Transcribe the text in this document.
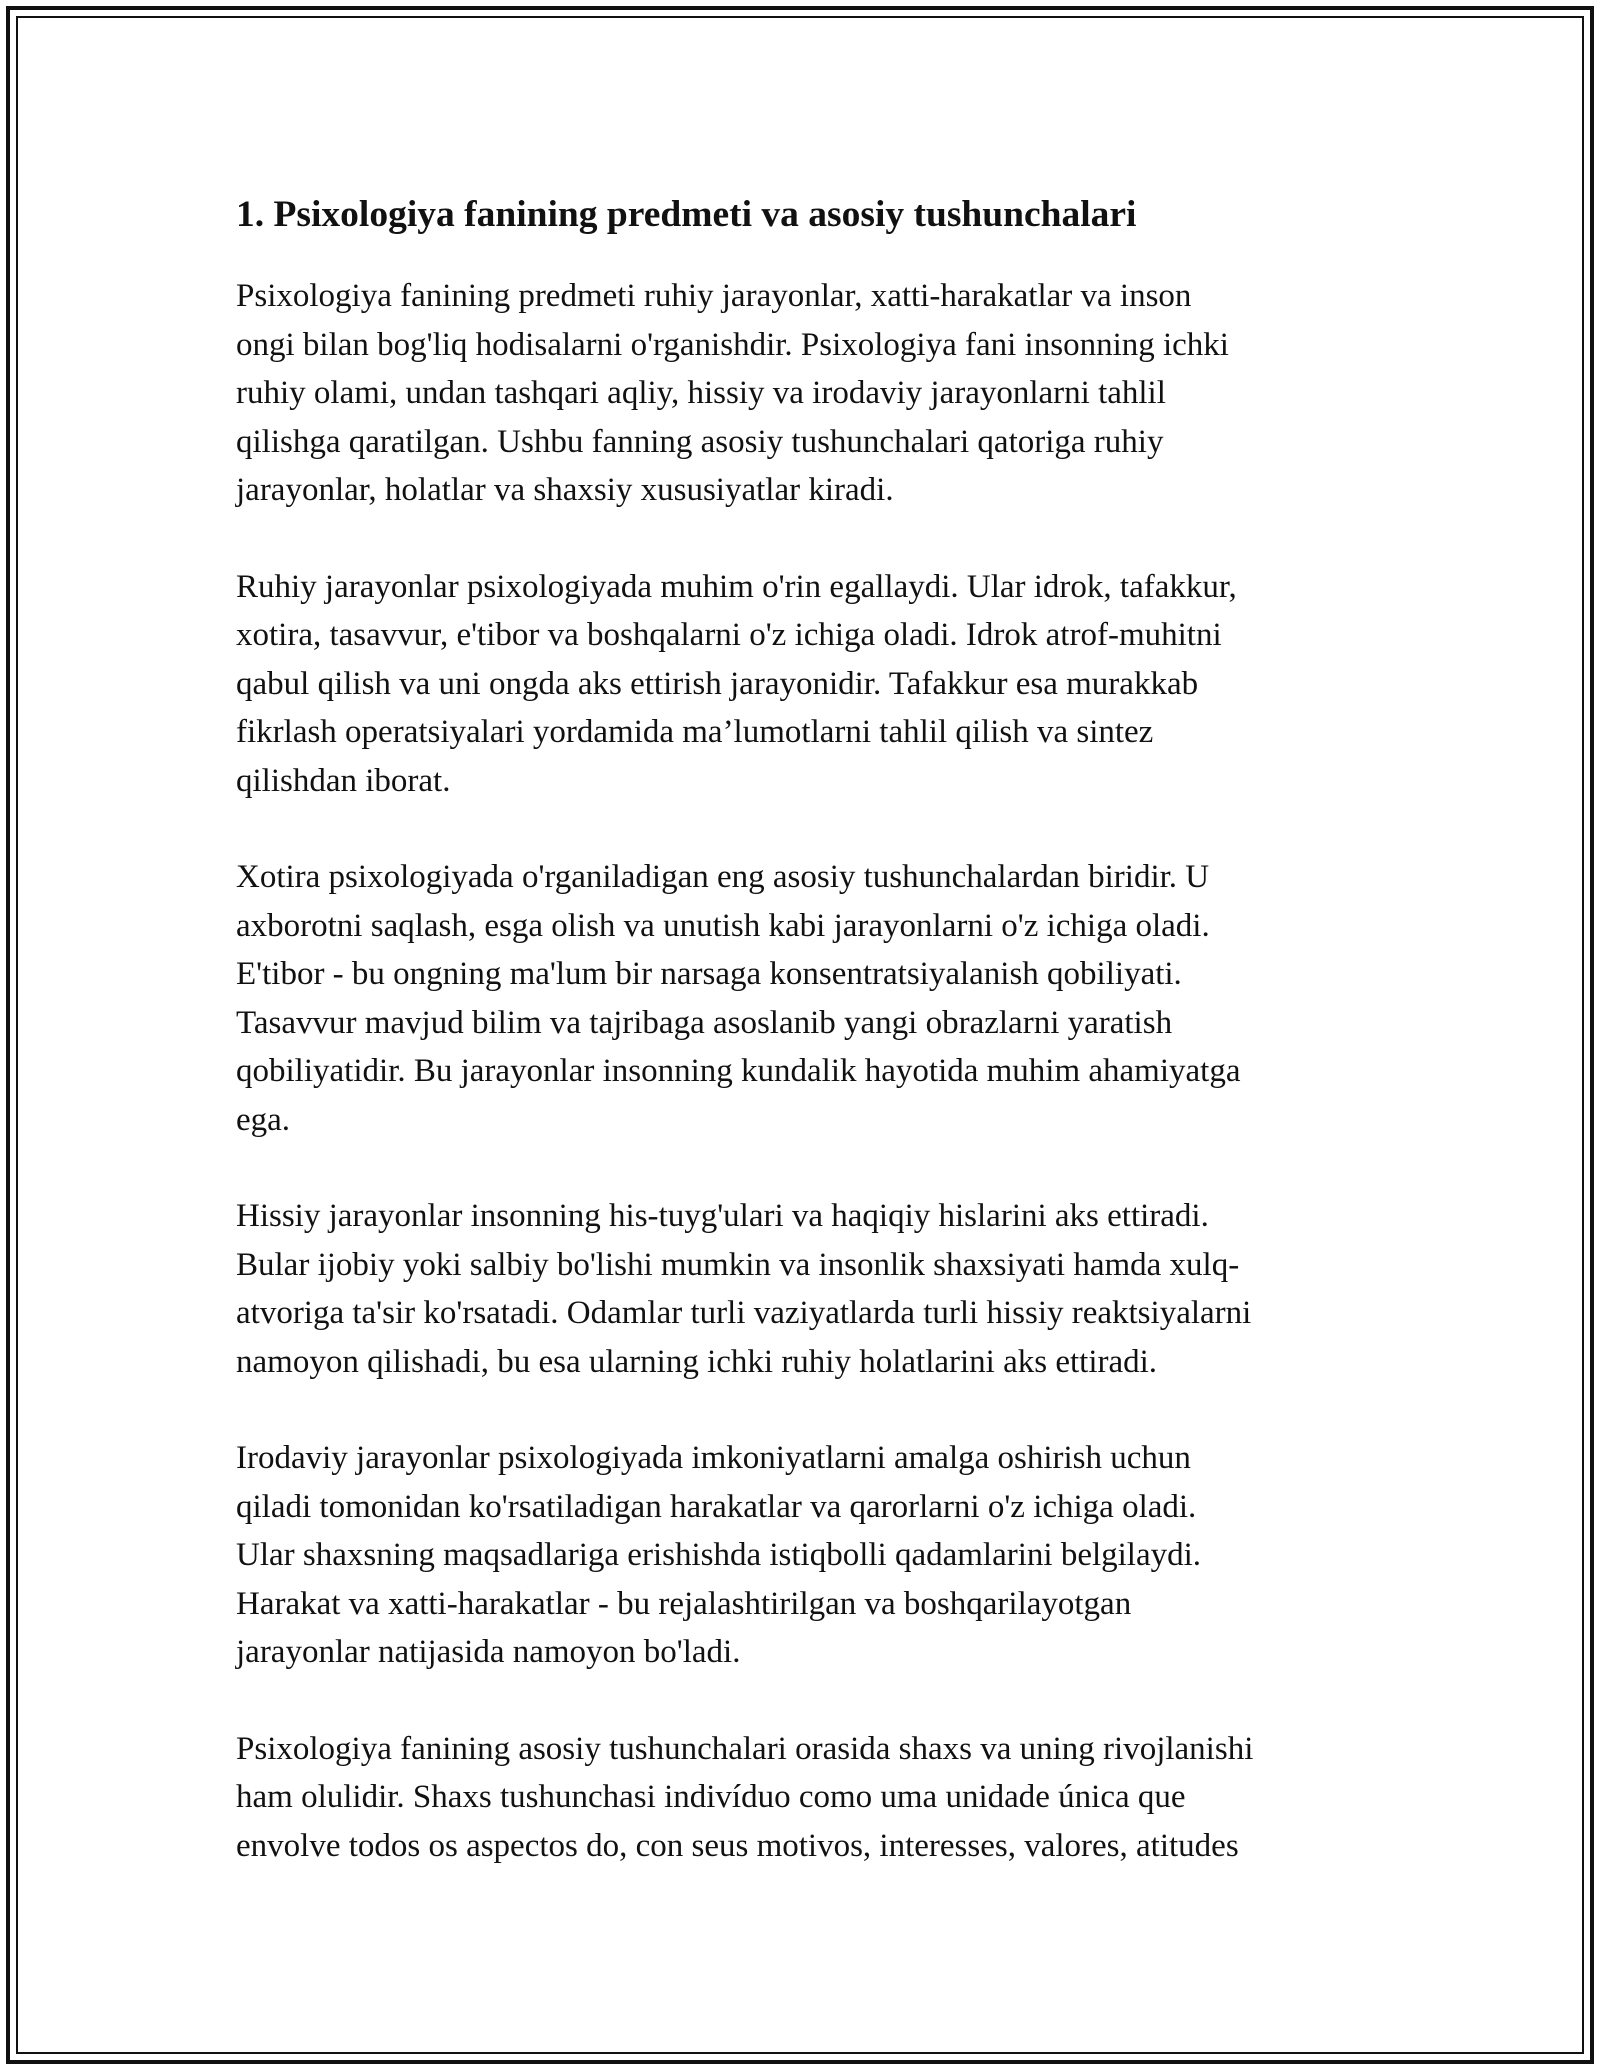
1. Psixologiya fanining predmeti va asosiy tushunchalari

Psixologiya fanining predmeti ruhiy jarayonlar, xatti-harakatlar va inson
ongi bilan bog'liq hodisalarni o'rganishdir. Psixologiya fani insonning ichki
ruhiy olami, undan tashqari aqliy, hissiy va irodaviy jarayonlarni tahlil
qilishga qaratilgan. Ushbu fanning asosiy tushunchalari qatoriga ruhiy
jarayonlar, holatlar va shaxsiy xususiyatlar kiradi.

Ruhiy jarayonlar psixologiyada muhim o'rin egallaydi. Ular idrok, tafakkur,
xotira, tasavvur, e'tibor va boshqalarni o'z ichiga oladi. Idrok atrof-muhitni
qabul qilish va uni ongda aks ettirish jarayonidir. Tafakkur esa murakkab
fikrlash operatsiyalari yordamida ma’lumotlarni tahlil qilish va sintez
qilishdan iborat.

Xotira psixologiyada o'rganiladigan eng asosiy tushunchalardan biridir. U
axborotni saqlash, esga olish va unutish kabi jarayonlarni o'z ichiga oladi.
E'tibor - bu ongning ma'lum bir narsaga konsentratsiyalanish qobiliyati.
Tasavvur mavjud bilim va tajribaga asoslanib yangi obrazlarni yaratish
qobiliyatidir. Bu jarayonlar insonning kundalik hayotida muhim ahamiyatga
ega.

Hissiy jarayonlar insonning his-tuyg'ulari va haqiqiy hislarini aks ettiradi.
Bular ijobiy yoki salbiy bo'lishi mumkin va insonlik shaxsiyati hamda xulq-
atvoriga ta'sir ko'rsatadi. Odamlar turli vaziyatlarda turli hissiy reaktsiyalarni
namoyon qilishadi, bu esa ularning ichki ruhiy holatlarini aks ettiradi.

Irodaviy jarayonlar psixologiyada imkoniyatlarni amalga oshirish uchun
qiladi tomonidan ko'rsatiladigan harakatlar va qarorlarni o'z ichiga oladi.
Ular shaxsning maqsadlariga erishishda istiqbolli qadamlarini belgilaydi.
Harakat va xatti-harakatlar - bu rejalashtirilgan va boshqarilayotgan
jarayonlar natijasida namoyon bo'ladi.

Psixologiya fanining asosiy tushunchalari orasida shaxs va uning rivojlanishi
ham olulidir. Shaxs tushunchasi indivíduo como uma unidade única que
envolve todos os aspectos do, con seus motivos, interesses, valores, atitudes
